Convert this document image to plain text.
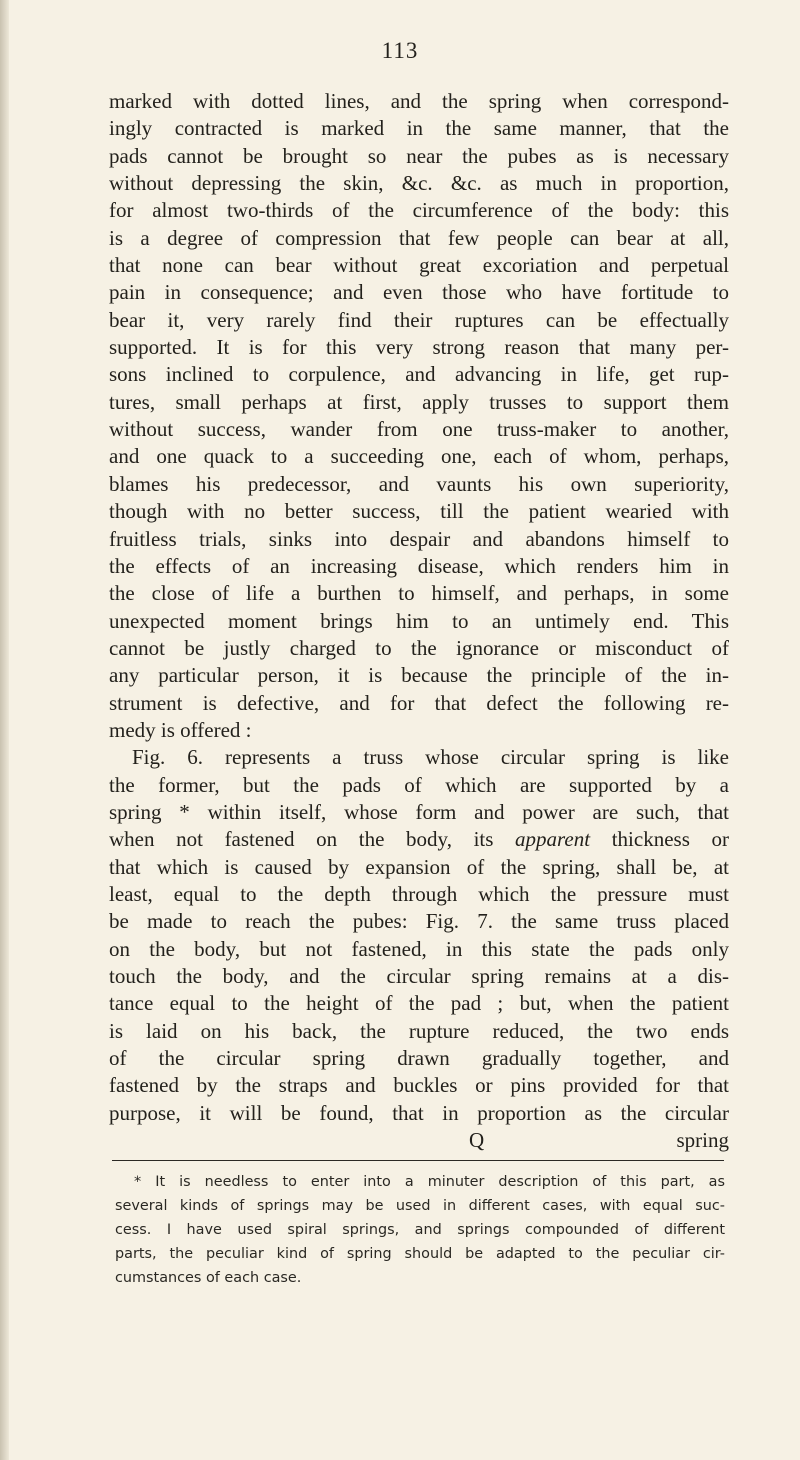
113
marked with dotted lines, and the spring when correspond-
ingly contracted is marked in the same manner, that the
pads cannot be brought so near the pubes as is necessary
without depressing the skin, &c. &c. as much in proportion,
for almost two-thirds of the circumference of the body: this
is a degree of compression that few people can bear at all,
that none can bear without great excoriation and perpetual
pain in consequence; and even those who have fortitude to
bear it, very rarely find their ruptures can be effectually
supported. It is for this very strong reason that many per-
sons inclined to corpulence, and advancing in life, get rup-
tures, small perhaps at first, apply trusses to support them
without success, wander from one truss-maker to another,
and one quack to a succeeding one, each of whom, perhaps,
blames his predecessor, and vaunts his own superiority,
though with no better success, till the patient wearied with
fruitless trials, sinks into despair and abandons himself to
the effects of an increasing disease, which renders him in
the close of life a burthen to himself, and perhaps, in some
unexpected moment brings him to an untimely end. This
cannot be justly charged to the ignorance or misconduct of
any particular person, it is because the principle of the in-
strument is defective, and for that defect the following re-
medy is offered :
Fig. 6. represents a truss whose circular spring is like
the former, but the pads of which are supported by a
spring * within itself, whose form and power are such, that
when not fastened on the body, its apparent thickness or
that which is caused by expansion of the spring, shall be, at
least, equal to the depth through which the pressure must
be made to reach the pubes: Fig. 7. the same truss placed
on the body, but not fastened, in this state the pads only
touch the body, and the circular spring remains at a dis-
tance equal to the height of the pad ; but, when the patient
is laid on his back, the rupture reduced, the two ends
of the circular spring drawn gradually together, and
fastened by the straps and buckles or pins provided for that
purpose, it will be found, that in proportion as the circular
Q	spring
* It is needless to enter into a minuter description of this part, as
several kinds of springs may be used in different cases, with equal suc-
cess. I have used spiral springs, and springs compounded of different
parts, the peculiar kind of spring should be adapted to the peculiar cir-
cumstances of each case.
